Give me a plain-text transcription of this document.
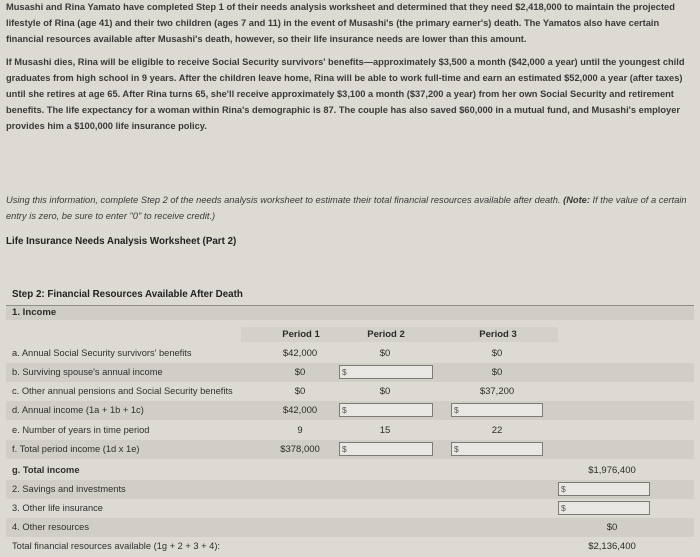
Musashi and Rina Yamato have completed Step 1 of their needs analysis worksheet and determined that they need $2,418,000 to maintain the projected lifestyle of Rina (age 41) and their two children (ages 7 and 11) in the event of Musashi's (the primary earner's) death. The Yamatos also have certain financial resources available after Musashi's death, however, so their life insurance needs are lower than this amount.

If Musashi dies, Rina will be eligible to receive Social Security survivors' benefits—approximately $3,500 a month ($42,000 a year) until the youngest child graduates from high school in 9 years. After the children leave home, Rina will be able to work full-time and earn an estimated $52,000 a year (after taxes) until she retires at age 65. After Rina turns 65, she'll receive approximately $3,100 a month ($37,200 a year) from her own Social Security and retirement benefits. The life expectancy for a woman within Rina's demographic is 87. The couple has also saved $60,000 in a mutual fund, and Musashi's employer provides him a $100,000 life insurance policy.

Using this information, complete Step 2 of the needs analysis worksheet to estimate their total financial resources available after death. (Note: If the value of a certain entry is zero, be sure to enter "0" to receive credit.)
Life Insurance Needs Analysis Worksheet (Part 2)
Step 2: Financial Resources Available After Death
1. Income
Period 1	Period 2	Period 3
a. Annual Social Security survivors' benefits	$42,000	$0	$0
b. Surviving spouse's annual income	$0	$	$0
c. Other annual pensions and Social Security benefits	$0	$0	$37,200
d. Annual income (1a + 1b + 1c)	$42,000	$	$
e. Number of years in time period	9	15	22
f. Total period income (1d x 1e)	$378,000	$	$
g. Total income	$1,976,400
2. Savings and investments	$
3. Other life insurance	$
4. Other resources	$0
Total financial resources available (1g + 2 + 3 + 4):	$2,136,400
